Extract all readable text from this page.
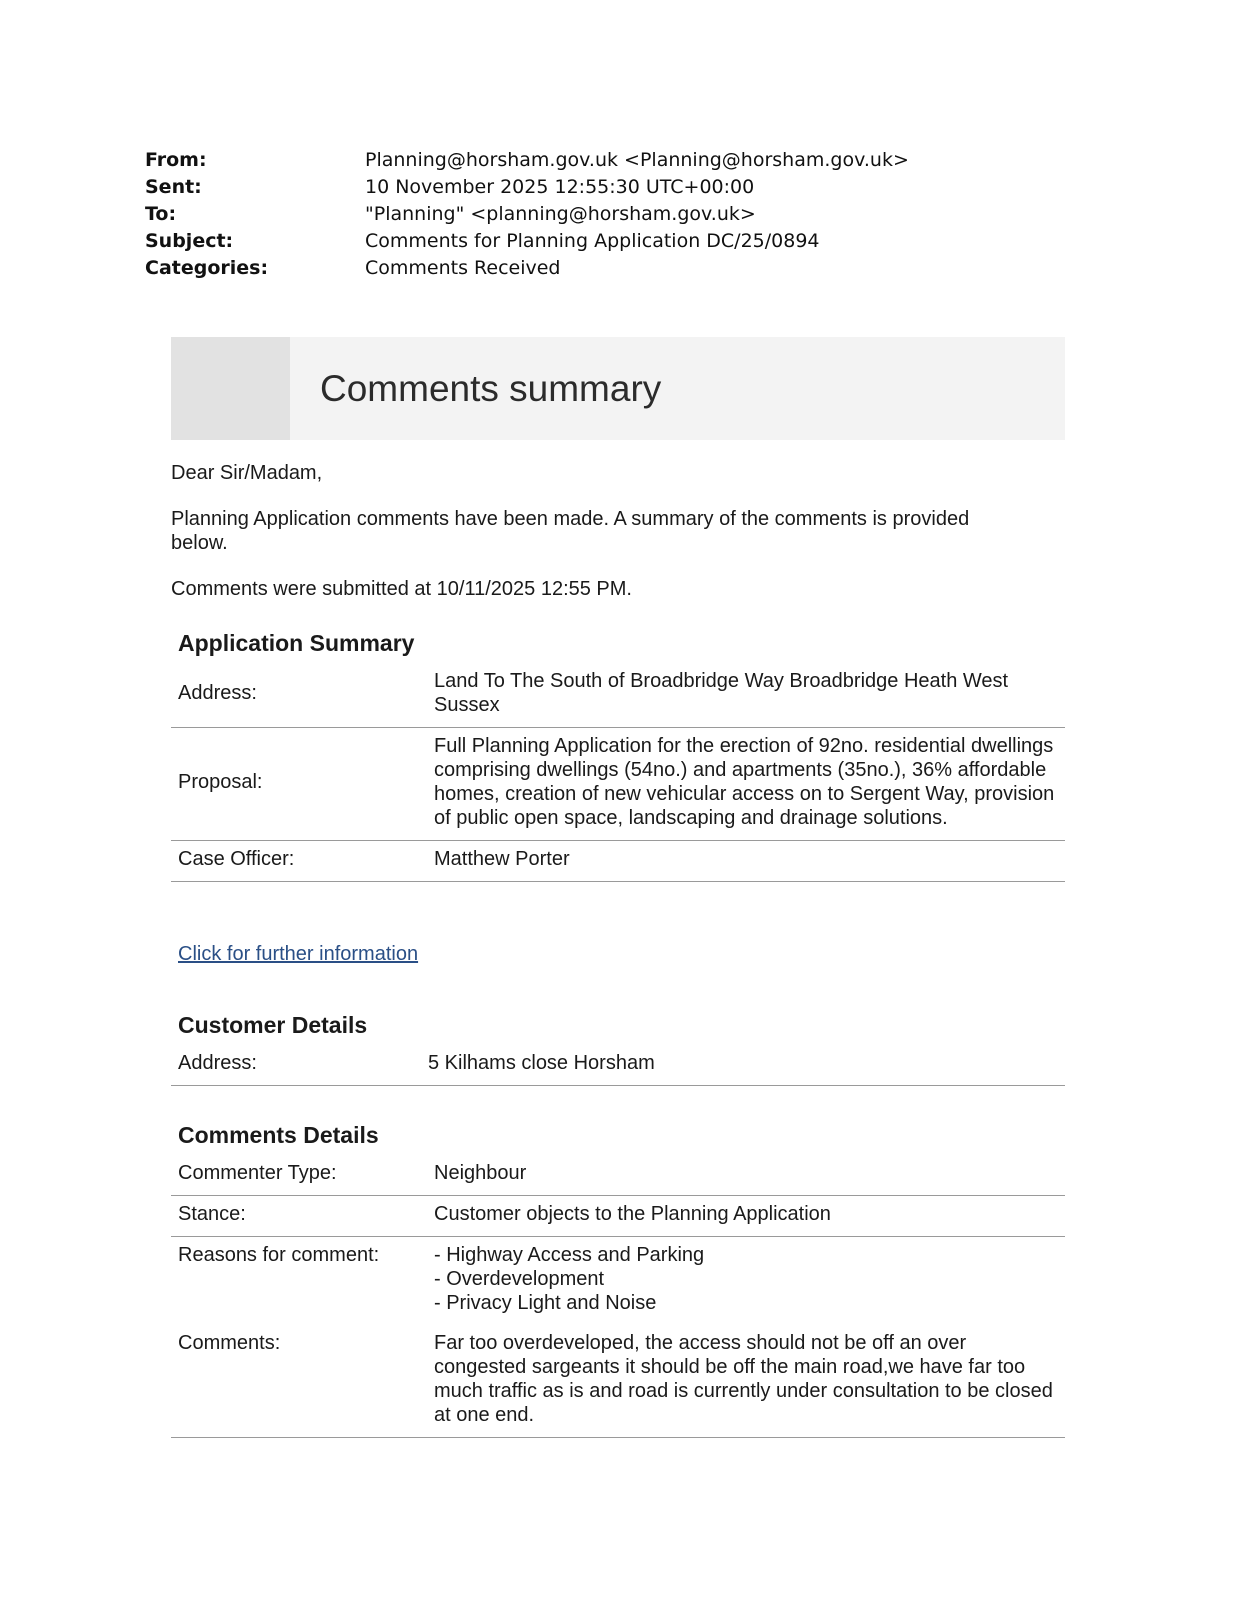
From:	Planning@horsham.gov.uk <Planning@horsham.gov.uk>
Sent:	10 November 2025 12:55:30 UTC+00:00
To:	"Planning" <planning@horsham.gov.uk>
Subject:	Comments for Planning Application DC/25/0894
Categories:	Comments Received
Comments summary
Dear Sir/Madam,
Planning Application comments have been made. A summary of the comments is provided below.
Comments were submitted at 10/11/2025 12:55 PM.
Application Summary
Address:	Land To The South of Broadbridge Way Broadbridge Heath West Sussex
Proposal:	Full Planning Application for the erection of 92no. residential dwellings comprising dwellings (54no.) and apartments (35no.), 36% affordable homes, creation of new vehicular access on to Sergent Way, provision of public open space, landscaping and drainage solutions.
Case Officer:	Matthew Porter
Click for further information
Customer Details
Address:	5 Kilhams close Horsham
Comments Details
Commenter Type:	Neighbour
Stance:	Customer objects to the Planning Application
Reasons for comment:	- Highway Access and Parking
- Overdevelopment
- Privacy Light and Noise

Comments:	Far too overdeveloped, the access should not be off an over congested sargeants it should be off the main road,we have far too much traffic as is and road is currently under consultation to be closed at one end.
